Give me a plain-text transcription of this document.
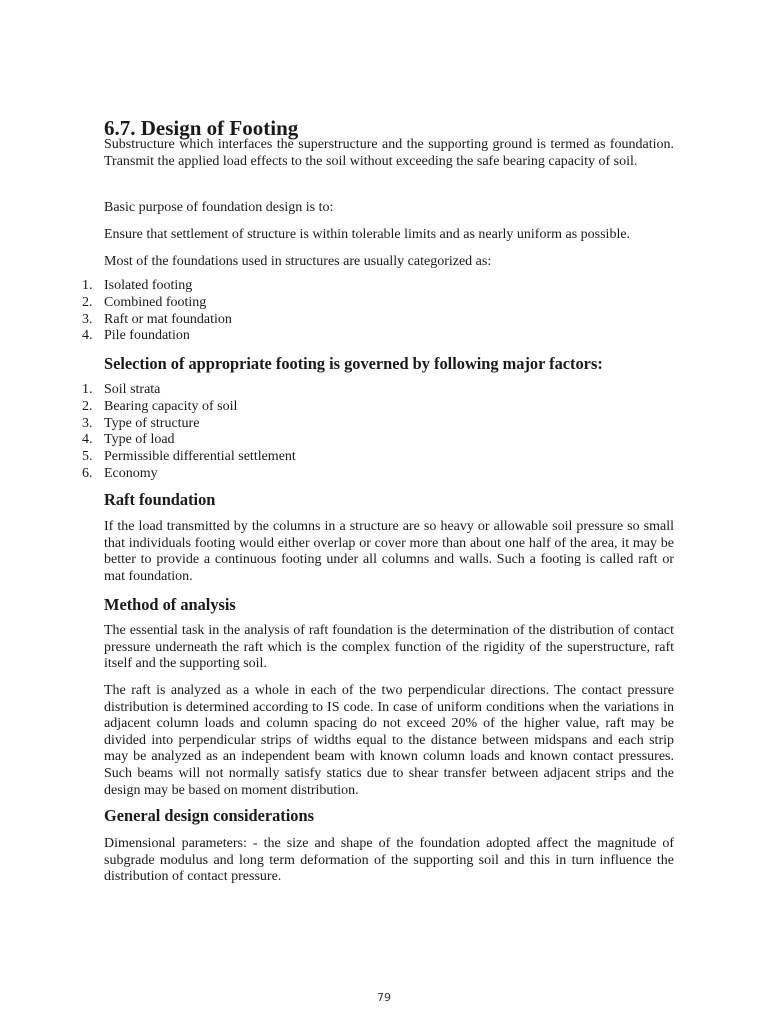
6.7. Design of Footing

Substructure which interfaces the superstructure and the supporting ground is termed as foundation. Transmit the applied load effects to the soil without exceeding the safe bearing capacity of soil.

Basic purpose of foundation design is to:

Ensure that settlement of structure is within tolerable limits and as nearly uniform as possible.

Most of the foundations used in structures are usually categorized as:

1. Isolated footing
2. Combined footing
3. Raft or mat foundation
4. Pile foundation
Selection of appropriate footing is governed by following major factors:
1. Soil strata
2. Bearing capacity of soil
3. Type of structure
4. Type of load
5. Permissible differential settlement
6. Economy
Raft foundation

If the load transmitted by the columns in a structure are so heavy or allowable soil pressure so small that individuals footing would either overlap or cover more than about one half of the area, it may be better to provide a continuous footing under all columns and walls. Such a footing is called raft or mat foundation.

Method of analysis

The essential task in the analysis of raft foundation is the determination of the distribution of contact pressure underneath the raft which is the complex function of the rigidity of the superstructure, raft itself and the supporting soil.

The raft is analyzed as a whole in each of the two perpendicular directions. The contact pressure distribution is determined according to IS code. In case of uniform conditions when the variations in adjacent column loads and column spacing do not exceed 20% of the higher value, raft may be divided into perpendicular strips of widths equal to the distance between midspans and each strip may be analyzed as an independent beam with known column loads and known contact pressures. Such beams will not normally satisfy statics due to shear transfer between adjacent strips and the design may be based on moment distribution.

General design considerations

Dimensional parameters: - the size and shape of the foundation adopted affect the magnitude of subgrade modulus and long term deformation of the supporting soil and this in turn influence the distribution of contact pressure.

79
